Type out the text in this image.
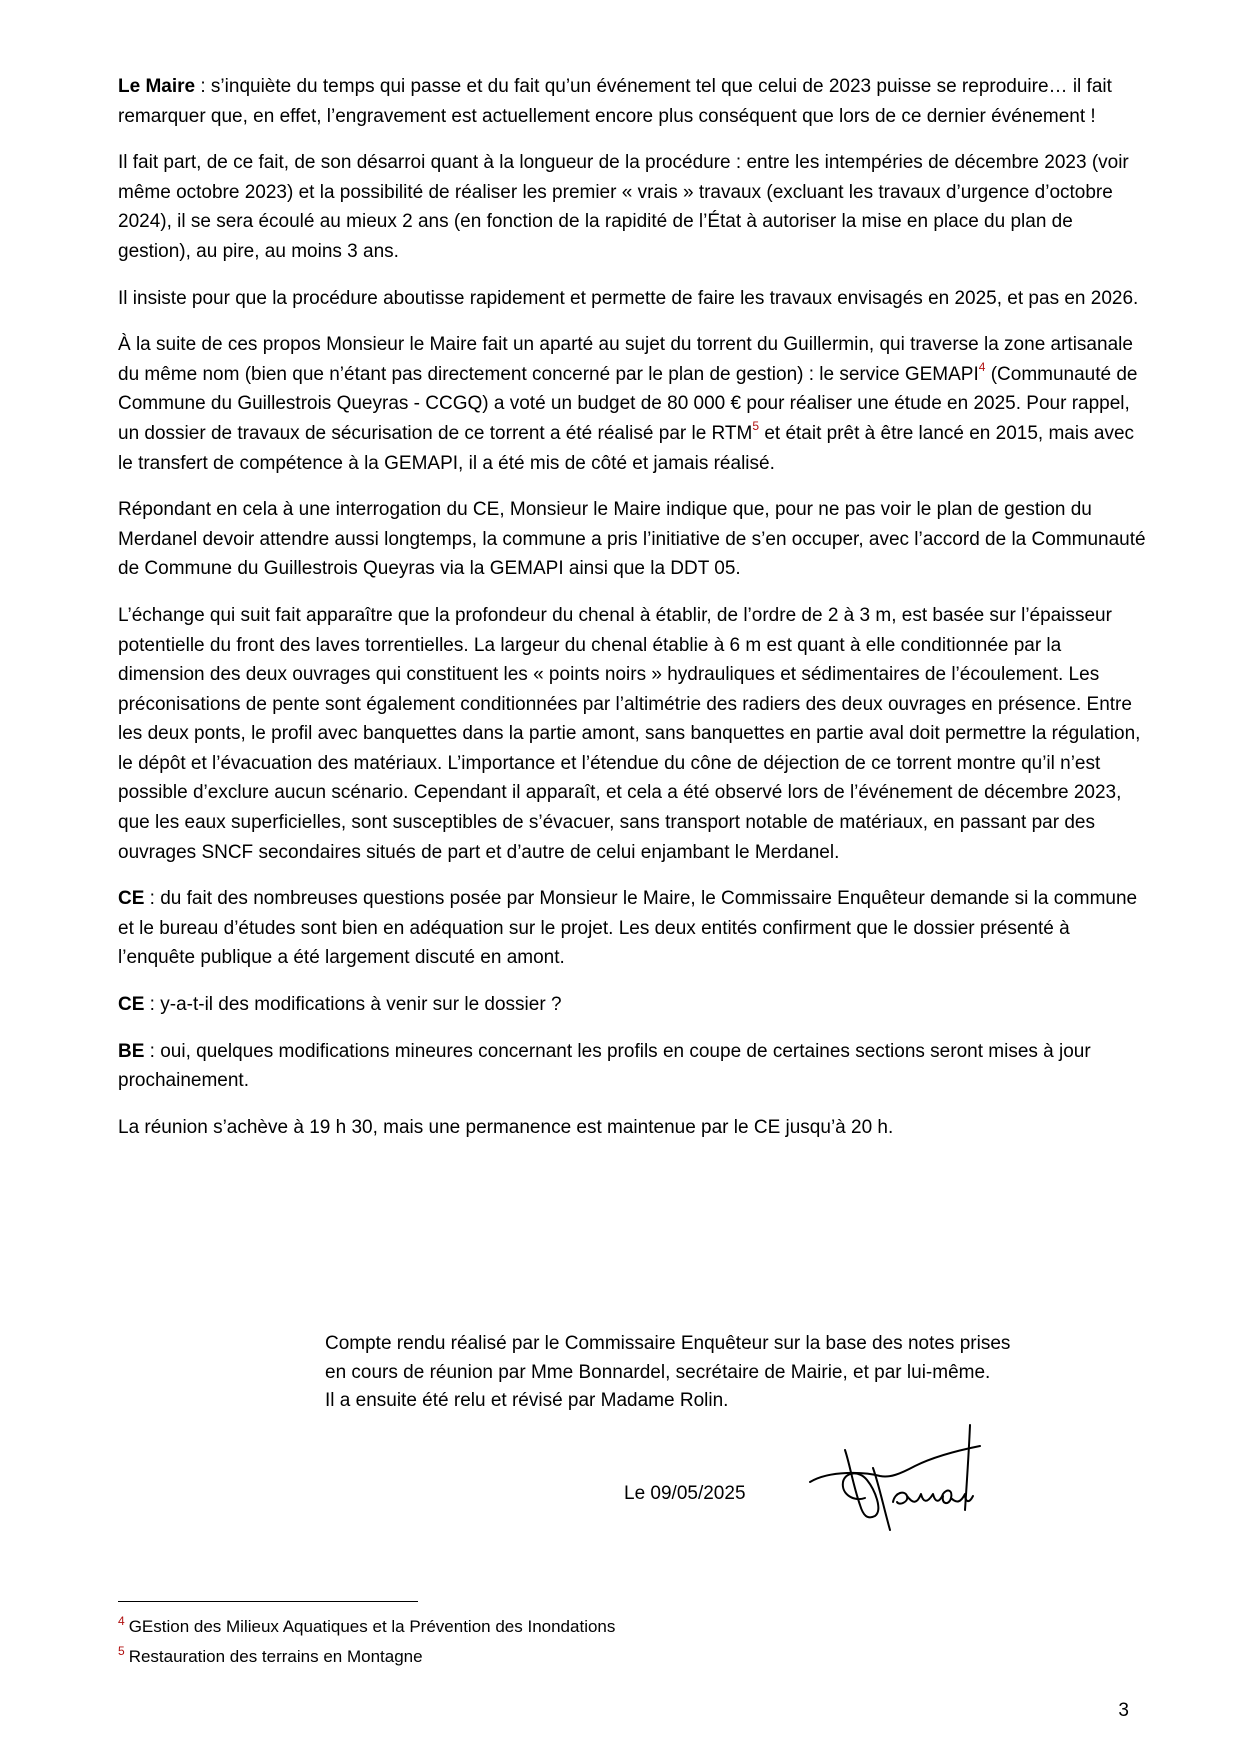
Le Maire : s’inquiète du temps qui passe et du fait qu’un événement tel que celui de 2023 puisse se reproduire… il fait remarquer que, en effet, l’engravement est actuellement encore plus conséquent que lors de ce dernier événement !

Il fait part, de ce fait, de son désarroi quant à la longueur de la procédure : entre les intempéries de décembre 2023 (voir même octobre 2023) et la possibilité de réaliser les premier « vrais » travaux (excluant les travaux d’urgence d’octobre 2024), il se sera écoulé au mieux 2 ans (en fonction de la rapidité de l’État à autoriser la mise en place du plan de gestion), au pire, au moins 3 ans.

Il insiste pour que la procédure aboutisse rapidement et permette de faire les travaux envisagés en 2025, et pas en 2026.

À la suite de ces propos Monsieur le Maire fait un aparté au sujet du torrent du Guillermin, qui traverse la zone artisanale du même nom (bien que n’étant pas directement concerné par le plan de gestion) : le service GEMAPI$^4$ (Communauté de Commune du Guillestrois Queyras - CCGQ) a voté un budget de 80 000 € pour réaliser une étude en 2025. Pour rappel, un dossier de travaux de sécurisation de ce torrent a été réalisé par le RTM$^5$ et était prêt à être lancé en 2015, mais avec le transfert de compétence à la GEMAPI, il a été mis de côté et jamais réalisé.

Répondant en cela à une interrogation du CE, Monsieur le Maire indique que, pour ne pas voir le plan de gestion du Merdanel devoir attendre aussi longtemps, la commune a pris l’initiative de s’en occuper, avec l’accord de la Communauté de Commune du Guillestrois Queyras via la GEMAPI ainsi que la DDT 05.

L’échange qui suit fait apparaître que la profondeur du chenal à établir, de l’ordre de 2 à 3 m, est basée sur l’épaisseur potentielle du front des laves torrentielles. La largeur du chenal établie à 6 m est quant à elle conditionnée par la dimension des deux ouvrages qui constituent les « points noirs » hydrauliques et sédimentaires de l’écoulement. Les préconisations de pente sont également conditionnées par l’altimétrie des radiers des deux ouvrages en présence. Entre les deux ponts, le profil avec banquettes dans la partie amont, sans banquettes en partie aval doit permettre la régulation, le dépôt et l’évacuation des matériaux. L’importance et l’étendue du cône de déjection de ce torrent montre qu’il n’est possible d’exclure aucun scénario. Cependant il apparaît, et cela a été observé lors de l’événement de décembre 2023, que les eaux superficielles, sont susceptibles de s’évacuer, sans transport notable de matériaux, en passant par des ouvrages SNCF secondaires situés de part et d’autre de celui enjambant le Merdanel.

CE : du fait des nombreuses questions posée par Monsieur le Maire, le Commissaire Enquêteur demande si la commune et le bureau d’études sont bien en adéquation sur le projet. Les deux entités confirment que le dossier présenté à l’enquête publique a été largement discuté en amont.

CE : y-a-t-il des modifications à venir sur le dossier ?

BE : oui, quelques modifications mineures concernant les profils en coupe de certaines sections seront mises à jour prochainement.

La réunion s’achève à 19 h 30, mais une permanence est maintenue par le CE jusqu’à 20 h.

Compte rendu réalisé par le Commissaire Enquêteur sur la base des notes prises
en cours de réunion par Mme Bonnardel, secrétaire de Mairie, et par lui-même.
Il a ensuite été relu et révisé par Madame Rolin.
Le 09/05/2025
$^4$ GEstion des Milieux Aquatiques et la Prévention des Inondations
$^5$ Restauration des terrains en Montagne
3
